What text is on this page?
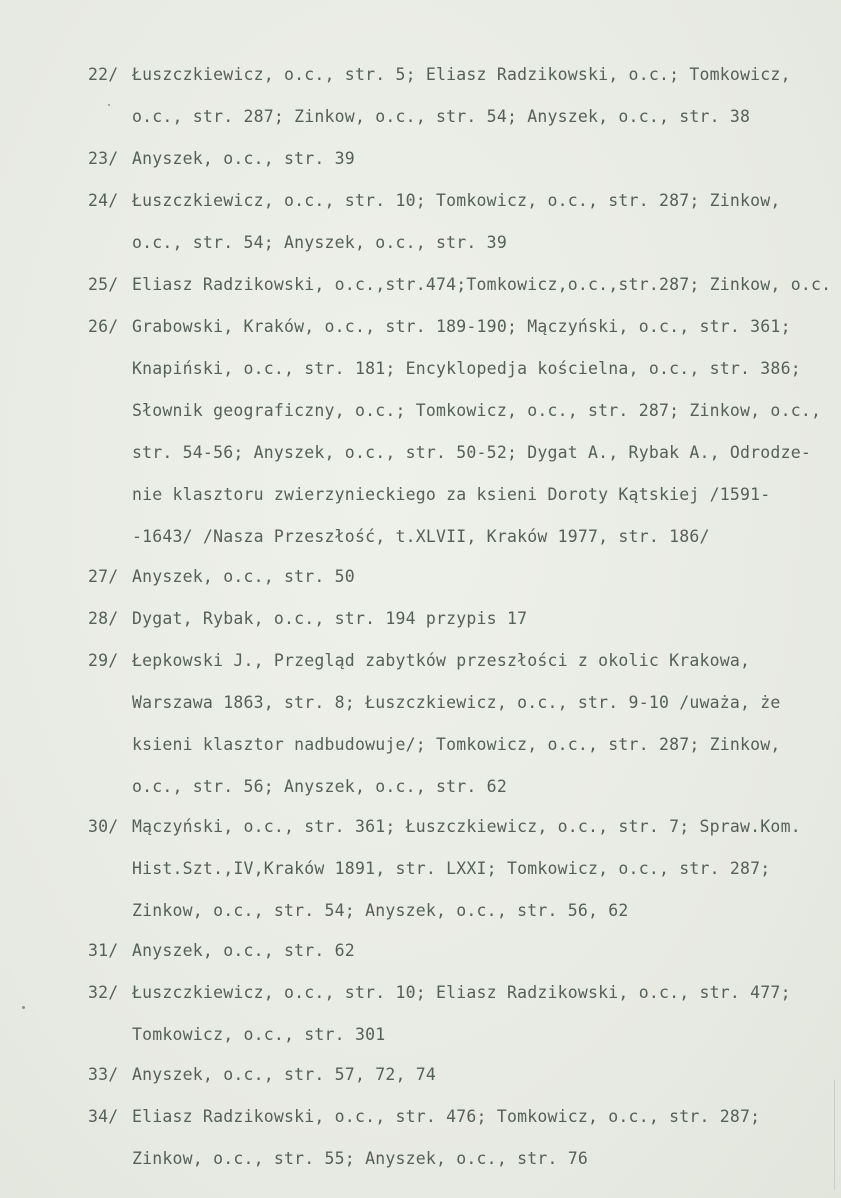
22/ Łuszczkiewicz, o.c., str. 5; Eliasz Radzikowski, o.c.; Tomkowicz,
o.c., str. 287; Zinkow, o.c., str. 54; Anyszek, o.c., str. 38
23/ Anyszek, o.c., str. 39
24/ Łuszczkiewicz, o.c., str. 10; Tomkowicz, o.c., str. 287; Zinkow,
o.c., str. 54; Anyszek, o.c., str. 39
25/ Eliasz Radzikowski, o.c.,str.474;Tomkowicz,o.c.,str.287; Zinkow, o.c.
26/ Grabowski, Kraków, o.c., str. 189-190; Mączyński, o.c., str. 361;
Knapiński, o.c., str. 181; Encyklopedja kościelna, o.c., str. 386;
Słownik geograficzny, o.c.; Tomkowicz, o.c., str. 287; Zinkow, o.c.,
str. 54-56; Anyszek, o.c., str. 50-52; Dygat A., Rybak A., Odrodze-
nie klasztoru zwierzynieckiego za ksieni Doroty Kątskiej /1591-
-1643/ /Nasza Przeszłość, t.XLVII, Kraków 1977, str. 186/
27/ Anyszek, o.c., str. 50
28/ Dygat, Rybak, o.c., str. 194 przypis 17
29/ Łepkowski J., Przegląd zabytków przeszłości z okolic Krakowa,
Warszawa 1863, str. 8; Łuszczkiewicz, o.c., str. 9-10 /uważa, że
ksieni klasztor nadbudowuje/; Tomkowicz, o.c., str. 287; Zinkow,
o.c., str. 56; Anyszek, o.c., str. 62
30/ Mączyński, o.c., str. 361; Łuszczkiewicz, o.c., str. 7; Spraw.Kom.
Hist.Szt.,IV,Kraków 1891, str. LXXI; Tomkowicz, o.c., str. 287;
Zinkow, o.c., str. 54; Anyszek, o.c., str. 56, 62
31/ Anyszek, o.c., str. 62
32/ Łuszczkiewicz, o.c., str. 10; Eliasz Radzikowski, o.c., str. 477;
Tomkowicz, o.c., str. 301
33/ Anyszek, o.c., str. 57, 72, 74
34/ Eliasz Radzikowski, o.c., str. 476; Tomkowicz, o.c., str. 287;
Zinkow, o.c., str. 55; Anyszek, o.c., str. 76
